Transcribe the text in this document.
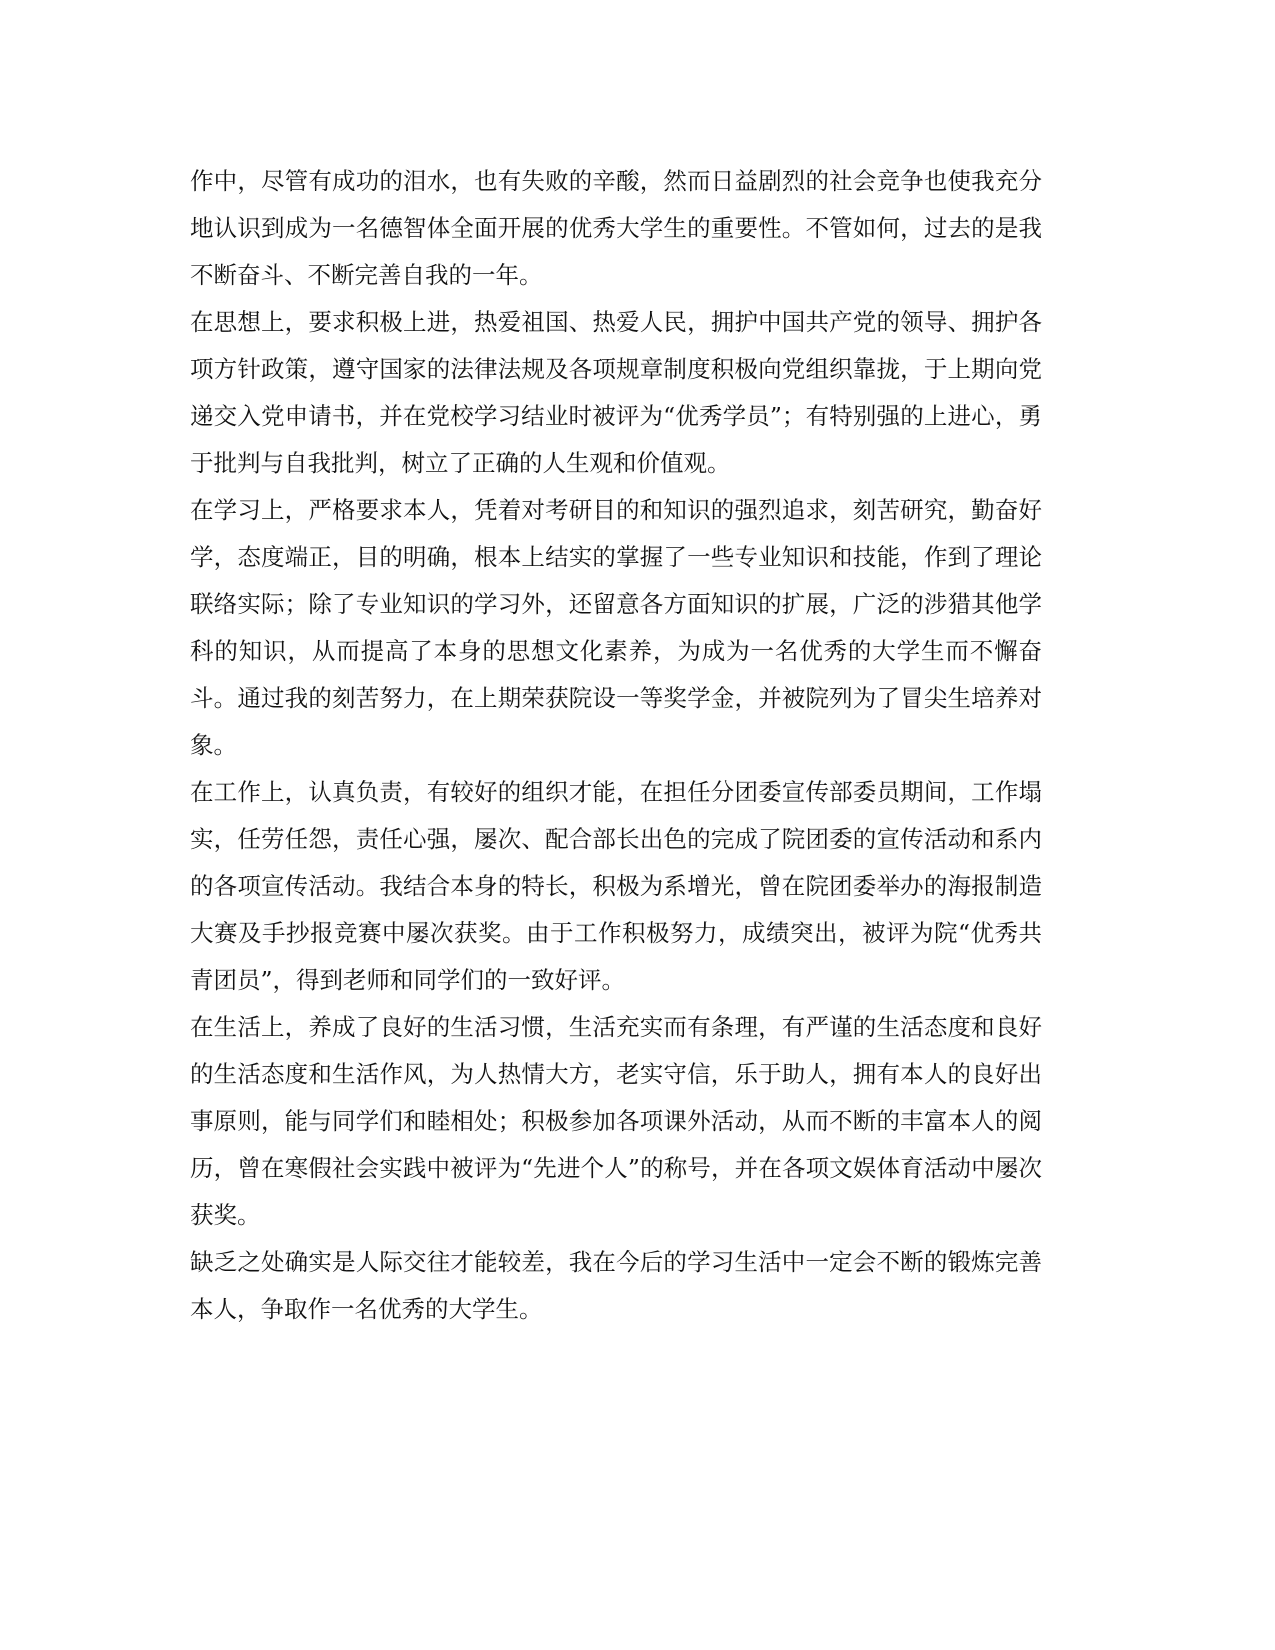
作中，尽管有成功的泪水，也有失败的辛酸，然而日益剧烈的社会竞争也使我充分地认识到成为一名德智体全面开展的优秀大学生的重要性。不管如何，过去的是我不断奋斗、不断完善自我的一年。

在思想上，要求积极上进，热爱祖国、热爱人民，拥护中国共产党的领导、拥护各项方针政策，遵守国家的法律法规及各项规章制度积极向党组织靠拢，于上期向党递交入党申请书，并在党校学习结业时被评为“优秀学员”；有特别强的上进心，勇于批判与自我批判，树立了正确的人生观和价值观。

在学习上，严格要求本人，凭着对考研目的和知识的强烈追求，刻苦研究，勤奋好学，态度端正，目的明确，根本上结实的掌握了一些专业知识和技能，作到了理论联络实际；除了专业知识的学习外，还留意各方面知识的扩展，广泛的涉猎其他学科的知识，从而提高了本身的思想文化素养，为成为一名优秀的大学生而不懈奋斗。通过我的刻苦努力，在上期荣获院设一等奖学金，并被院列为了冒尖生培养对象。

在工作上，认真负责，有较好的组织才能，在担任分团委宣传部委员期间，工作塌实，任劳任怨，责任心强，屡次、配合部长出色的完成了院团委的宣传活动和系内的各项宣传活动。我结合本身的特长，积极为系增光，曾在院团委举办的海报制造大赛及手抄报竞赛中屡次获奖。由于工作积极努力，成绩突出，被评为院“优秀共青团员”，得到老师和同学们的一致好评。

在生活上，养成了良好的生活习惯，生活充实而有条理，有严谨的生活态度和良好的生活态度和生活作风，为人热情大方，老实守信，乐于助人，拥有本人的良好出事原则，能与同学们和睦相处；积极参加各项课外活动，从而不断的丰富本人的阅历，曾在寒假社会实践中被评为“先进个人”的称号，并在各项文娱体育活动中屡次获奖。

缺乏之处确实是人际交往才能较差，我在今后的学习生活中一定会不断的锻炼完善本人，争取作一名优秀的大学生。
